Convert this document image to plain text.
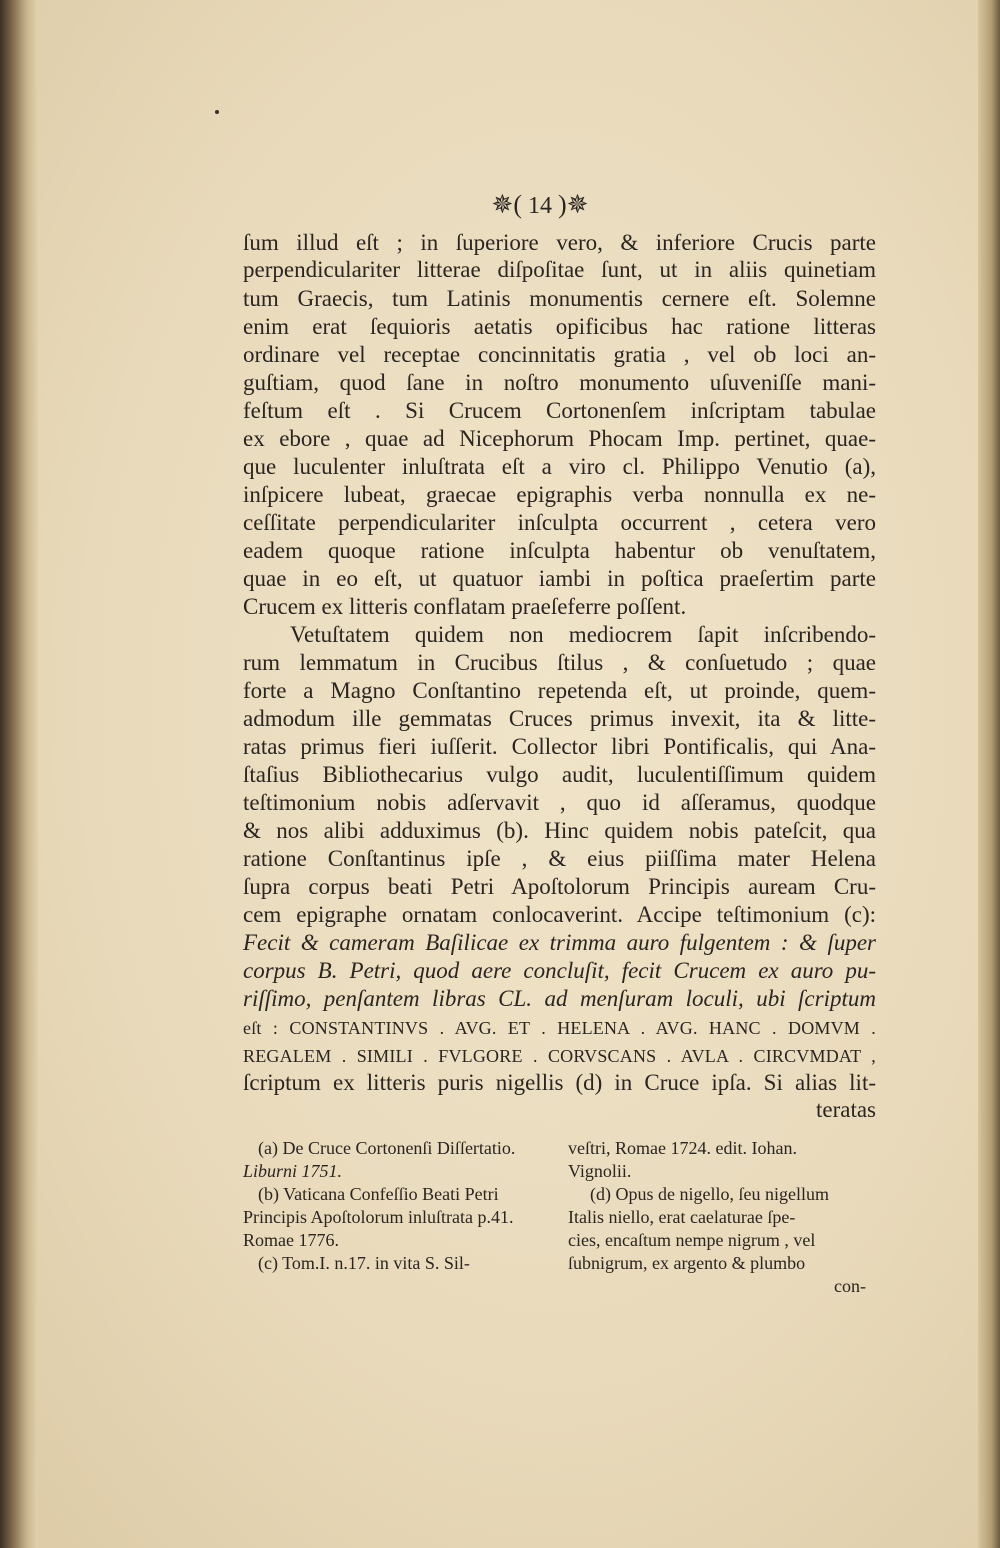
✵( 14 )✵
ſum illud eſt ; in ſuperiore vero, & inferiore Crucis parte
perpendiculariter litterae diſpoſitae ſunt, ut in aliis quinetiam
tum Graecis, tum Latinis monumentis cernere eſt. Solemne
enim erat ſequioris aetatis opificibus hac ratione litteras
ordinare vel receptae concinnitatis gratia , vel ob loci an-
guſtiam, quod ſane in noſtro monumento uſuveniſſe mani-
feſtum eſt . Si Crucem Cortonenſem inſcriptam tabulae
ex ebore , quae ad Nicephorum Phocam Imp. pertinet, quae-
que luculenter inluſtrata eſt a viro cl. Philippo Venutio (a),
inſpicere lubeat, graecae epigraphis verba nonnulla ex ne-
ceſſitate perpendiculariter inſculpta occurrent , cetera vero
eadem quoque ratione inſculpta habentur ob venuſtatem,
quae in eo eſt, ut quatuor iambi in poſtica praeſertim parte
Crucem ex litteris conflatam praeſeferre poſſent.
Vetuſtatem quidem non mediocrem ſapit inſcribendo-
rum lemmatum in Crucibus ſtilus , & conſuetudo ; quae
forte a Magno Conſtantino repetenda eſt, ut proinde, quem-
admodum ille gemmatas Cruces primus invexit, ita & litte-
ratas primus fieri iuſſerit. Collector libri Pontificalis, qui Ana-
ſtaſius Bibliothecarius vulgo audit, luculentiſſimum quidem
teſtimonium nobis adſervavit , quo id aſſeramus, quodque
& nos alibi adduximus (b). Hinc quidem nobis pateſcit, qua
ratione Conſtantinus ipſe , & eius piiſſima mater Helena
ſupra corpus beati Petri Apoſtolorum Principis auream Cru-
cem epigraphe ornatam conlocaverint. Accipe teſtimonium (c):
Fecit & cameram Baſilicae ex trimma auro fulgentem : & ſuper
corpus B. Petri, quod aere concluſit, fecit Crucem ex auro pu-
riſſimo, penſantem libras CL. ad menſuram loculi, ubi ſcriptum
eſt : CONSTANTINVS . AVG. ET . HELENA . AVG. HANC . DOMVM .
REGALEM . SIMILI . FVLGORE . CORVSCANS . AVLA . CIRCVMDAT ,
ſcriptum ex litteris puris nigellis (d) in Cruce ipſa. Si alias lit-
teratas
(a) De Cruce Cortonenſi Diſſertatio.
Liburni 1751.
(b) Vaticana Confeſſio Beati Petri
Principis Apoſtolorum inluſtrata p.41.
Romae 1776.
(c) Tom.I. n.17. in vita S. Sil-
veſtri, Romae 1724. edit. Iohan.
Vignolii.
(d) Opus de nigello, ſeu nigellum
Italis niello, erat caelaturae ſpe-
cies, encaſtum nempe nigrum , vel
ſubnigrum, ex argento & plumbo
con-
